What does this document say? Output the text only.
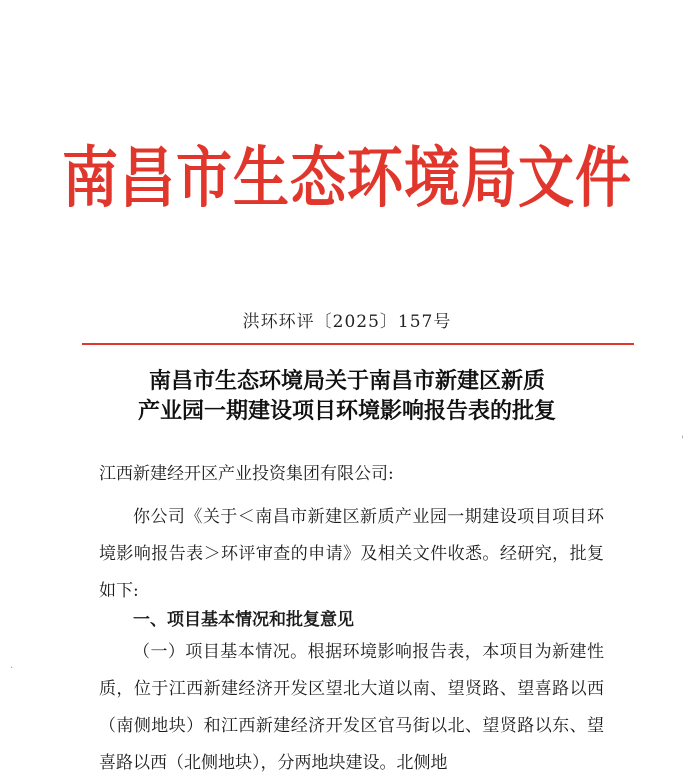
南昌市生态环境局文件
洪环环评〔2025〕157号
南昌市生态环境局关于南昌市新建区新质
产业园一期建设项目环境影响报告表的批复
江西新建经开区产业投资集团有限公司:
你公司《关于＜南昌市新建区新质产业园一期建设项目项目环境影响报告表＞环评审查的申请》及相关文件收悉。经研究，批复如下:
一、项目基本情况和批复意见
（一）项目基本情况。根据环境影响报告表，本项目为新建性质，位于江西新建经济开发区望北大道以南、望贤路、望喜路以西（南侧地块）和江西新建经济开发区官马街以北、望贤路以东、望喜路以西（北侧地块），分两地块建设。北侧地
'
·
